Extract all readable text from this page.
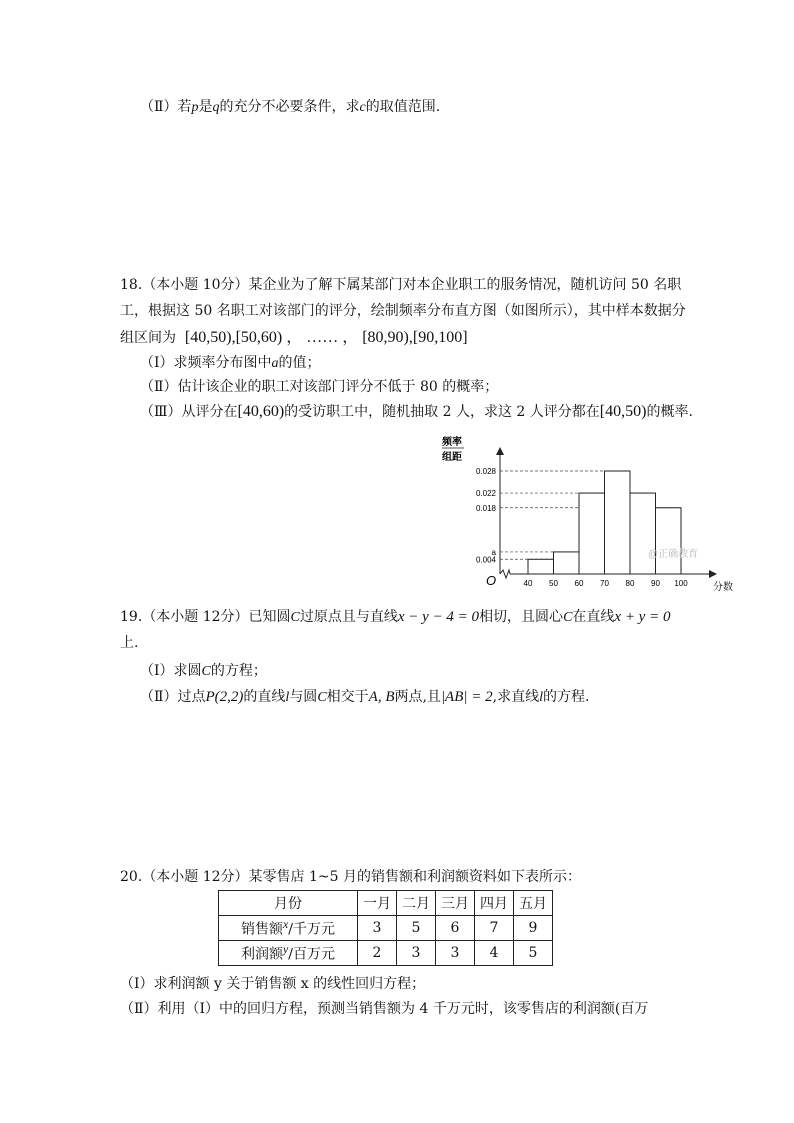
（Ⅱ）若p是q的充分不必要条件，求c的取值范围.
18.（本小题 10分）某企业为了解下属某部门对本企业职工的服务情况，随机访问 50 名职
工，根据这 50 名职工对该部门的评分，绘制频率分布直方图（如图所示），其中样本数据分
组区间为 [40,50),[50,60) ， …… ， [80,90),[90,100]
（Ⅰ）求频率分布图中a的值；
（Ⅱ）估计该企业的职工对该部门评分不低于 80 的概率；
（Ⅲ）从评分在[40,60)的受访职工中，随机抽取 2 人，求这 2 人评分都在[40,50)的概率.
频率
组距
O	分数
0.028
0.022
0.018
a
0.004
40 50 60 70 80 90 100
@正确教育
19.（本小题 12分）已知圆C过原点且与直线x − y − 4 = 0相切，且圆心C在直线x + y = 0
上.
（Ⅰ）求圆C的方程；
（Ⅱ）过点P(2,2)的直线l与圆C相交于A, B两点,且|AB| = 2,求直线l的方程.
20.（本小题 12分）某零售店 1~5 月的销售额和利润额资料如下表所示：
月份	一月	二月	三月	四月	五月
销售额$^x$/千万元	3	5	6	7	9
利润额$^y$/百万元	2	3	3	4	5
（Ⅰ）求利润额 y 关于销售额 x 的线性回归方程；
（Ⅱ）利用（Ⅰ）中的回归方程，预测当销售额为 4 千万元时，该零售店的利润额(百万
